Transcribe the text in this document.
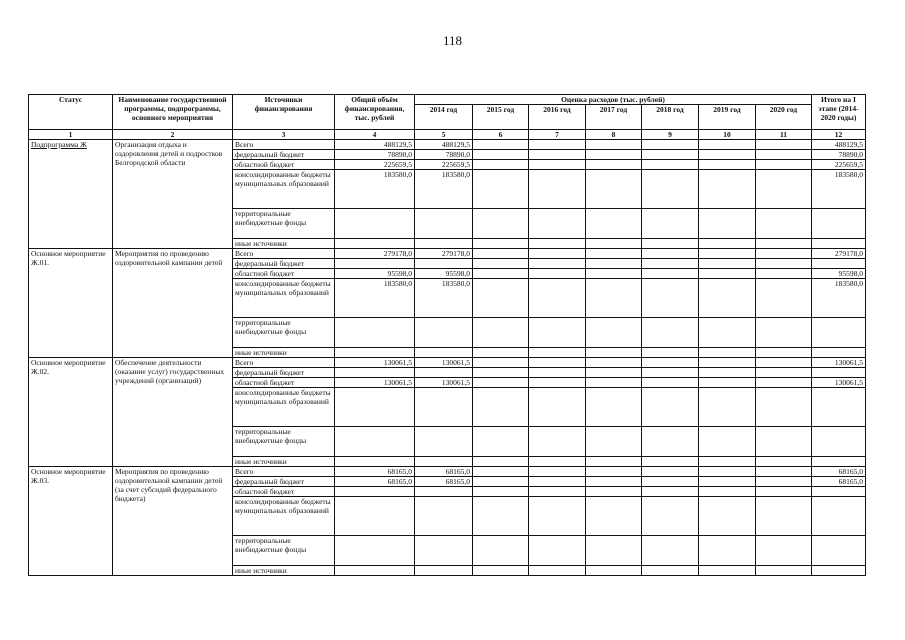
118
Статус	Наименование государственной программы, подпрограммы, основного мероприятия	Источники финансирования	Общий объём финансирования, тыс. рублей	Оценка расходов (тыс. рублей)							Итого на I этапе (2014-2020 годы)
				2014 год	2015 год	2016 год	2017 год	2018 год	2019 год	2020 год	
1	2	3	4	5	6	7	8	9	10	11	12
Подпрограмма Ж	Организация отдыха и оздоровления детей и подростков Белгородской области	Всего	488129,5	488129,5							488129,5
		федеральный бюджет	78890,0	78890,0							78890,0
		областной бюджет	225659,5	225659,5							225659,5
		консолидированные бюджеты муниципальных образований	183580,0	183580,0							183580,0
		территориальные внебюджетные фонды									
		иные источники									
Основное мероприятие Ж.01.	Мероприятия по проведению оздоровительной кампании детей	Всего	279178,0	279178,0							279178,0
		федеральный бюджет									
		областной бюджет	95598,0	95598,0							95598,0
		консолидированные бюджеты муниципальных образований	183580,0	183580,0							183580,0
		территориальные внебюджетные фонды									
		иные источники									
Основное мероприятие Ж.02.	Обеспечение деятельности (оказание услуг) государственных учреждений (организаций)	Всего	130061,5	130061,5							130061,5
		федеральный бюджет									
		областной бюджет	130061,5	130061,5							130061,5
		консолидированные бюджеты муниципальных образований									
		территориальные внебюджетные фонды									
		иные источники									
Основное мероприятие Ж.03.	Мероприятия по проведению оздоровительной кампании детей (за счет субсидий федерального бюджета)	Всего	68165,0	68165,0							68165,0
		федеральный бюджет	68165,0	68165,0							68165,0
		областной бюджет									
		консолидированные бюджеты муниципальных образований									
		территориальные внебюджетные фонды									
		иные источники									
